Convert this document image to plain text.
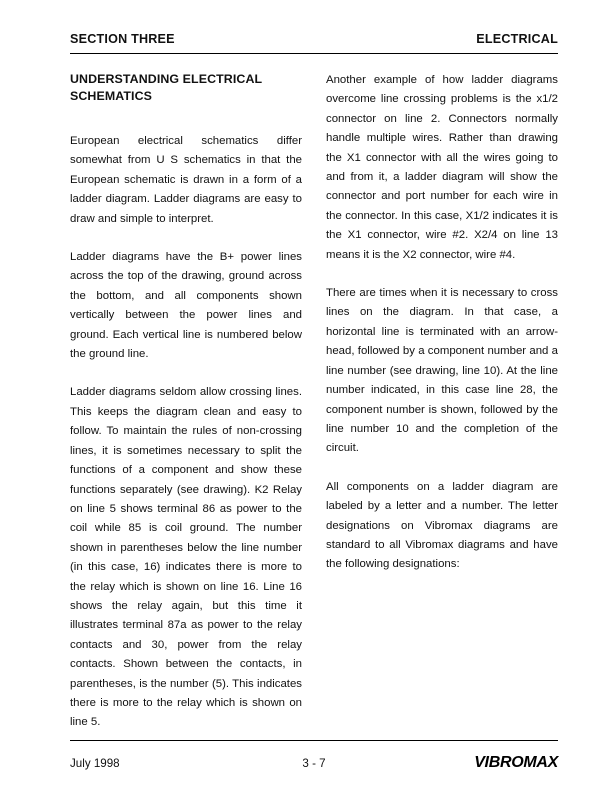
SECTION THREE	ELECTRICAL
UNDERSTANDING ELECTRICAL SCHEMATICS

European electrical schematics differ somewhat from U S schematics in that the European schematic is drawn in a form of a ladder diagram. Ladder diagrams are easy to draw and simple to interpret.

Ladder diagrams have the B+ power lines across the top of the drawing, ground across the bottom, and all components shown vertically between the power lines and ground. Each vertical line is numbered below the ground line.

Ladder diagrams seldom allow crossing lines. This keeps the diagram clean and easy to follow. To maintain the rules of non-crossing lines, it is sometimes necessary to split the functions of a component and show these functions separately (see drawing). K2 Relay on line 5 shows terminal 86 as power to the coil while 85 is coil ground. The number shown in parentheses below the line number (in this case, 16) indicates there is more to the relay which is shown on line 16. Line 16 shows the relay again, but this time it illustrates terminal 87a as power to the relay contacts and 30, power from the relay contacts. Shown between the contacts, in parentheses, is the number (5). This indicates there is more to the relay which is shown on line 5.

Another example of how ladder diagrams overcome line crossing problems is the x1/2 connector on line 2. Connectors normally handle multiple wires. Rather than drawing the X1 connector with all the wires going to and from it, a ladder diagram will show the connector and port number for each wire in the connector. In this case, X1/2 indicates it is the X1 connector, wire #2. X2/4 on line 13 means it is the X2 connector, wire #4.

There are times when it is necessary to cross lines on the diagram. In that case, a horizontal line is terminated with an arrow-head, followed by a component number and a line number (see drawing, line 10). At the line number indicated, in this case line 28, the component number is shown, followed by the line number 10 and the completion of the circuit.

All components on a ladder diagram are labeled by a letter and a number. The letter designations on Vibromax diagrams are standard to all Vibromax diagrams and have the following designations:

July 1998	3 - 7	VIBROMAX
